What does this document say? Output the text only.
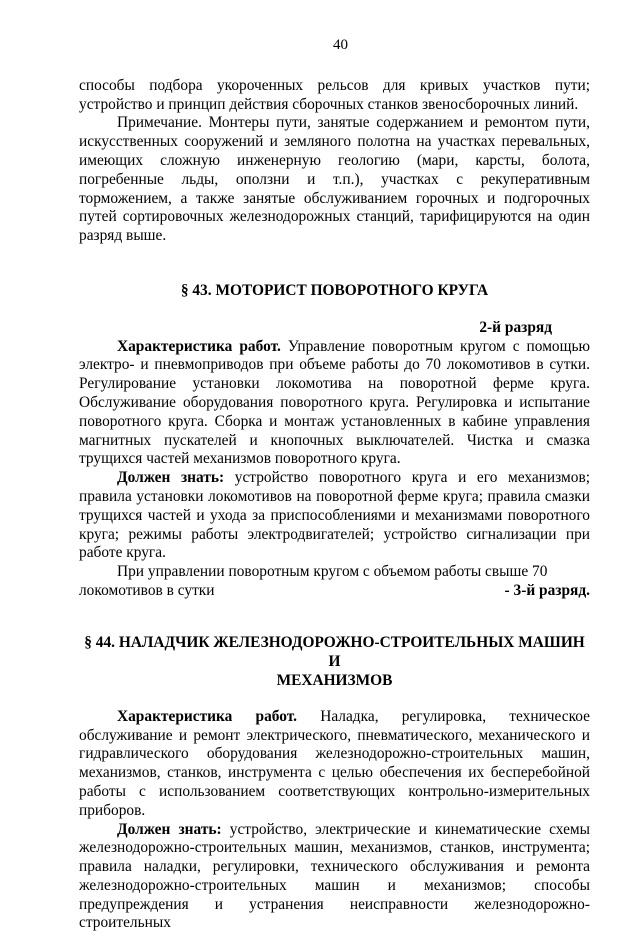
40

способы подбора укороченных рельсов для кривых участков пути; устройство и принцип действия сборочных станков звеносборочных линий.

Примечание. Монтеры пути, занятые содержанием и ремонтом пути, искусственных сооружений и земляного полотна на участках перевальных, имеющих сложную инженерную геологию (мари, карсты, болота, погребенные льды, оползни и т.п.), участках с рекуперативным торможением, а также занятые обслуживанием горочных и подгорочных путей сортировочных железнодорожных станций, тарифицируются на один разряд выше.

§ 43. МОТОРИСТ ПОВОРОТНОГО КРУГА
2-й разряд

Характеристика работ. Управление поворотным кругом с помощью электро- и пневмоприводов при объеме работы до 70 локомотивов в сутки. Регулирование установки локомотива на поворотной ферме круга. Обслуживание оборудования поворотного круга. Регулировка и испытание поворотного круга. Сборка и монтаж установленных в кабине управления магнитных пускателей и кнопочных выключателей. Чистка и смазка трущихся частей механизмов поворотного круга.

Должен знать: устройство поворотного круга и его механизмов; правила установки локомотивов на поворотной ферме круга; правила смазки трущихся частей и ухода за приспособлениями и механизмами поворотного круга; режимы работы электродвигателей; устройство сигнализации при работе круга.

При управлении поворотным кругом с объемом работы свыше 70

локомотивов в сутки	- 3-й разряд.
§ 44. НАЛАДЧИК ЖЕЛЕЗНОДОРОЖНО-СТРОИТЕЛЬНЫХ МАШИН И
МЕХАНИЗМОВ

Характеристика работ. Наладка, регулировка, техническое обслуживание и ремонт электрического, пневматического, механического и гидравлического оборудования железнодорожно-строительных машин, механизмов, станков, инструмента с целью обеспечения их бесперебойной работы с использованием соответствующих контрольно-измерительных приборов.

Должен знать: устройство, электрические и кинематические схемы железнодорожно-строительных машин, механизмов, станков, инструмента; правила наладки, регулировки, технического обслуживания и ремонта железнодорожно-строительных машин и механизмов; способы предупреждения и устранения неисправности железнодорожно-строительных
